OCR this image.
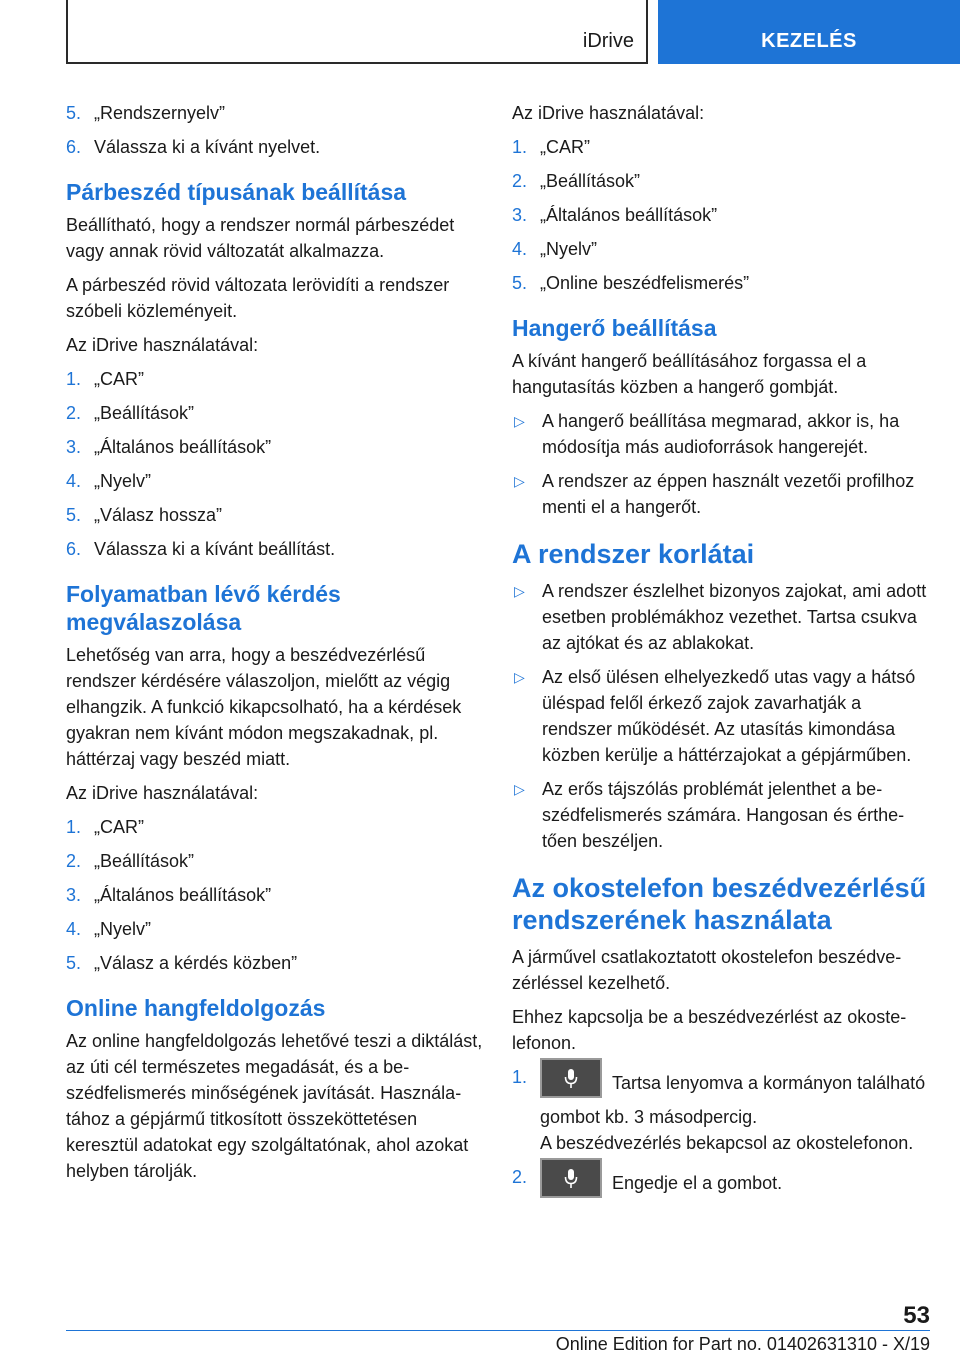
iDrive	KEZELÉS
5. „Rendszernyelv”
6. Válassza ki a kívánt nyelvet.
Párbeszéd típusának beállítása

Beállítható, hogy a rendszer normál párbeszédet vagy annak rövid változatát alkalmazza.

A párbeszéd rövid változata lerövidíti a rendszer szóbeli közleményeit.

Az iDrive használatával:

1. „CAR”
2. „Beállítások”
3. „Általános beállítások”
4. „Nyelv”
5. „Válasz hossza”
6. Válassza ki a kívánt beállítást.
Folyamatban lévő kérdés megválaszolása

Lehetőség van arra, hogy a beszédvezérlésű rendszer kérdésére válaszoljon, mielőtt az végig elhangzik. A funkció kikapcsolható, ha a kérdések gyakran nem kívánt módon megszakadnak, pl. háttérzaj vagy beszéd miatt.

Az iDrive használatával:

1. „CAR”
2. „Beállítások”
3. „Általános beállítások”
4. „Nyelv”
5. „Válasz a kérdés közben”
Online hangfeldolgozás

Az online hangfeldolgozás lehetővé teszi a diktálást, az úti cél természetes megadását, és a beszédfelismerés minőségének javítását. Használatához a gépjármű titkosított összeköttetésen keresztül adatokat egy szolgáltatónak, ahol azokat helyben tárolják.

Az iDrive használatával:

1. „CAR”
2. „Beállítások”
3. „Általános beállítások”
4. „Nyelv”
5. „Online beszédfelismerés”
Hangerő beállítása

A kívánt hangerő beállításához forgassa el a hangutasítás közben a hangerő gombját.

▷ A hangerő beállítása megmarad, akkor is, ha módosítja más audioforrások hangerejét.
▷ A rendszer az éppen használt vezetői profilhoz menti el a hangerőt.
A rendszer korlátai
▷ A rendszer észlelhet bizonyos zajokat, ami adott esetben problémákhoz vezethet. Tartsa csukva az ajtókat és az ablakokat.
▷ Az első ülésen elhelyezkedő utas vagy a hátsó üléspad felől érkező zajok zavarhatják a rendszer működését. Az utasítás kimondása közben kerülje a háttérzajokat a gépjárműben.
▷ Az erős tájszólás problémát jelenthet a beszédfelismerés számára. Hangosan és érthetően beszéljen.
Az okostelefon beszédvezérlésű rendszerének használata

A járművel csatlakoztatott okostelefon beszédvezérléssel kezelhető.

Ehhez kapcsolja be a beszédvezérlést az okostelefonon.

1.	Tartsa lenyomva a kormányon található gombot kb. 3 másodpercig.

A beszédvezérlés bekapcsol az okostelefonon.

2.	Engedje el a gombot.
53
Online Edition for Part no. 01402631310 - X/19
